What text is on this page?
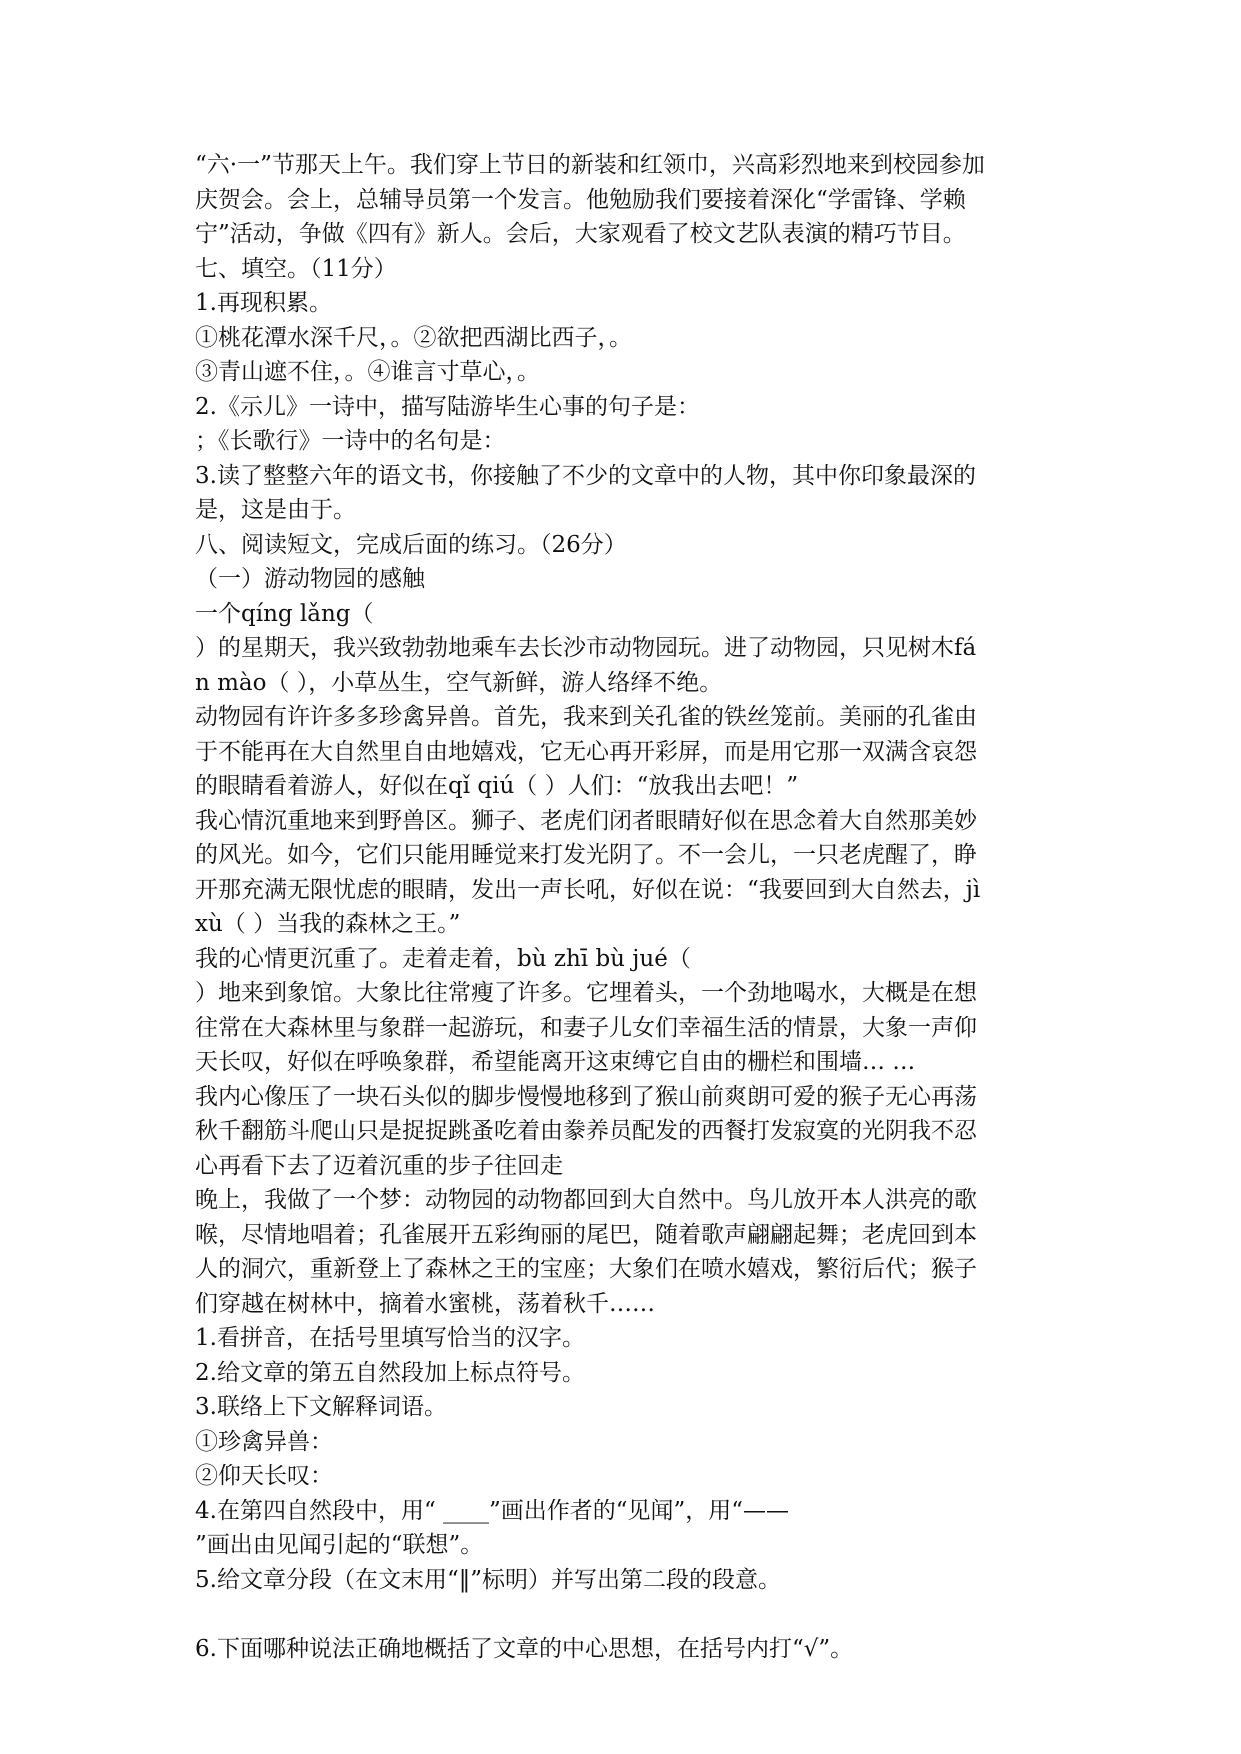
“六·一”节那天上午。我们穿上节日的新装和红领巾，兴高彩烈地来到校园参加
庆贺会。会上，总辅导员第一个发言。他勉励我们要接着深化“学雷锋、学赖
宁”活动，争做《四有》新人。会后，大家观看了校文艺队表演的精巧节目。
七、填空。（11分）
1.再现积累。
①桃花潭水深千尺，。②欲把西湖比西子，。
③青山遮不住，。④谁言寸草心，。
2.《示儿》一诗中，描写陆游毕生心事的句子是：
；《长歌行》一诗中的名句是：
3.读了整整六年的语文书，你接触了不少的文章中的人物，其中你印象最深的
是，这是由于。
八、阅读短文，完成后面的练习。（26分）
（一）游动物园的感触
一个qíng lǎng（
）的星期天，我兴致勃勃地乘车去长沙市动物园玩。进了动物园，只见树木fá
n mào（ ），小草丛生，空气新鲜，游人络绎不绝。
动物园有许许多多珍禽异兽。首先，我来到关孔雀的铁丝笼前。美丽的孔雀由
于不能再在大自然里自由地嬉戏，它无心再开彩屏，而是用它那一双满含哀怨
的眼睛看着游人，好似在qǐ qiú（ ）人们：“放我出去吧！”
我心情沉重地来到野兽区。狮子、老虎们闭者眼睛好似在思念着大自然那美妙
的风光。如今，它们只能用睡觉来打发光阴了。不一会儿，一只老虎醒了，睁
开那充满无限忧虑的眼睛，发出一声长吼，好似在说：“我要回到大自然去，jì
xù（ ）当我的森林之王。”
我的心情更沉重了。走着走着，bù zhī bù jué（
）地来到象馆。大象比往常瘦了许多。它埋着头，一个劲地喝水，大概是在想
往常在大森林里与象群一起游玩，和妻子儿女们幸福生活的情景，大象一声仰
天长叹，好似在呼唤象群，希望能离开这束缚它自由的栅栏和围墙… …
我内心像压了一块石头似的脚步慢慢地移到了猴山前爽朗可爱的猴子无心再荡
秋千翻筋斗爬山只是捉捉跳蚤吃着由豢养员配发的西餐打发寂寞的光阴我不忍
心再看下去了迈着沉重的步子往回走
晚上，我做了一个梦：动物园的动物都回到大自然中。鸟儿放开本人洪亮的歌
喉，尽情地唱着；孔雀展开五彩绚丽的尾巴，随着歌声翩翩起舞；老虎回到本
人的洞穴，重新登上了森林之王的宝座；大象们在喷水嬉戏，繁衍后代；猴子
们穿越在树林中，摘着水蜜桃，荡着秋千……
1.看拼音，在括号里填写恰当的汉字。
2.给文章的第五自然段加上标点符号。
3.联络上下文解释词语。
①珍禽异兽：
②仰天长叹：
4.在第四自然段中，用“ ____”画出作者的“见闻”，用“——
”画出由见闻引起的“联想”。
5.给文章分段（在文末用“‖”标明）并写出第二段的段意。
6.下面哪种说法正确地概括了文章的中心思想，在括号内打“√”。
